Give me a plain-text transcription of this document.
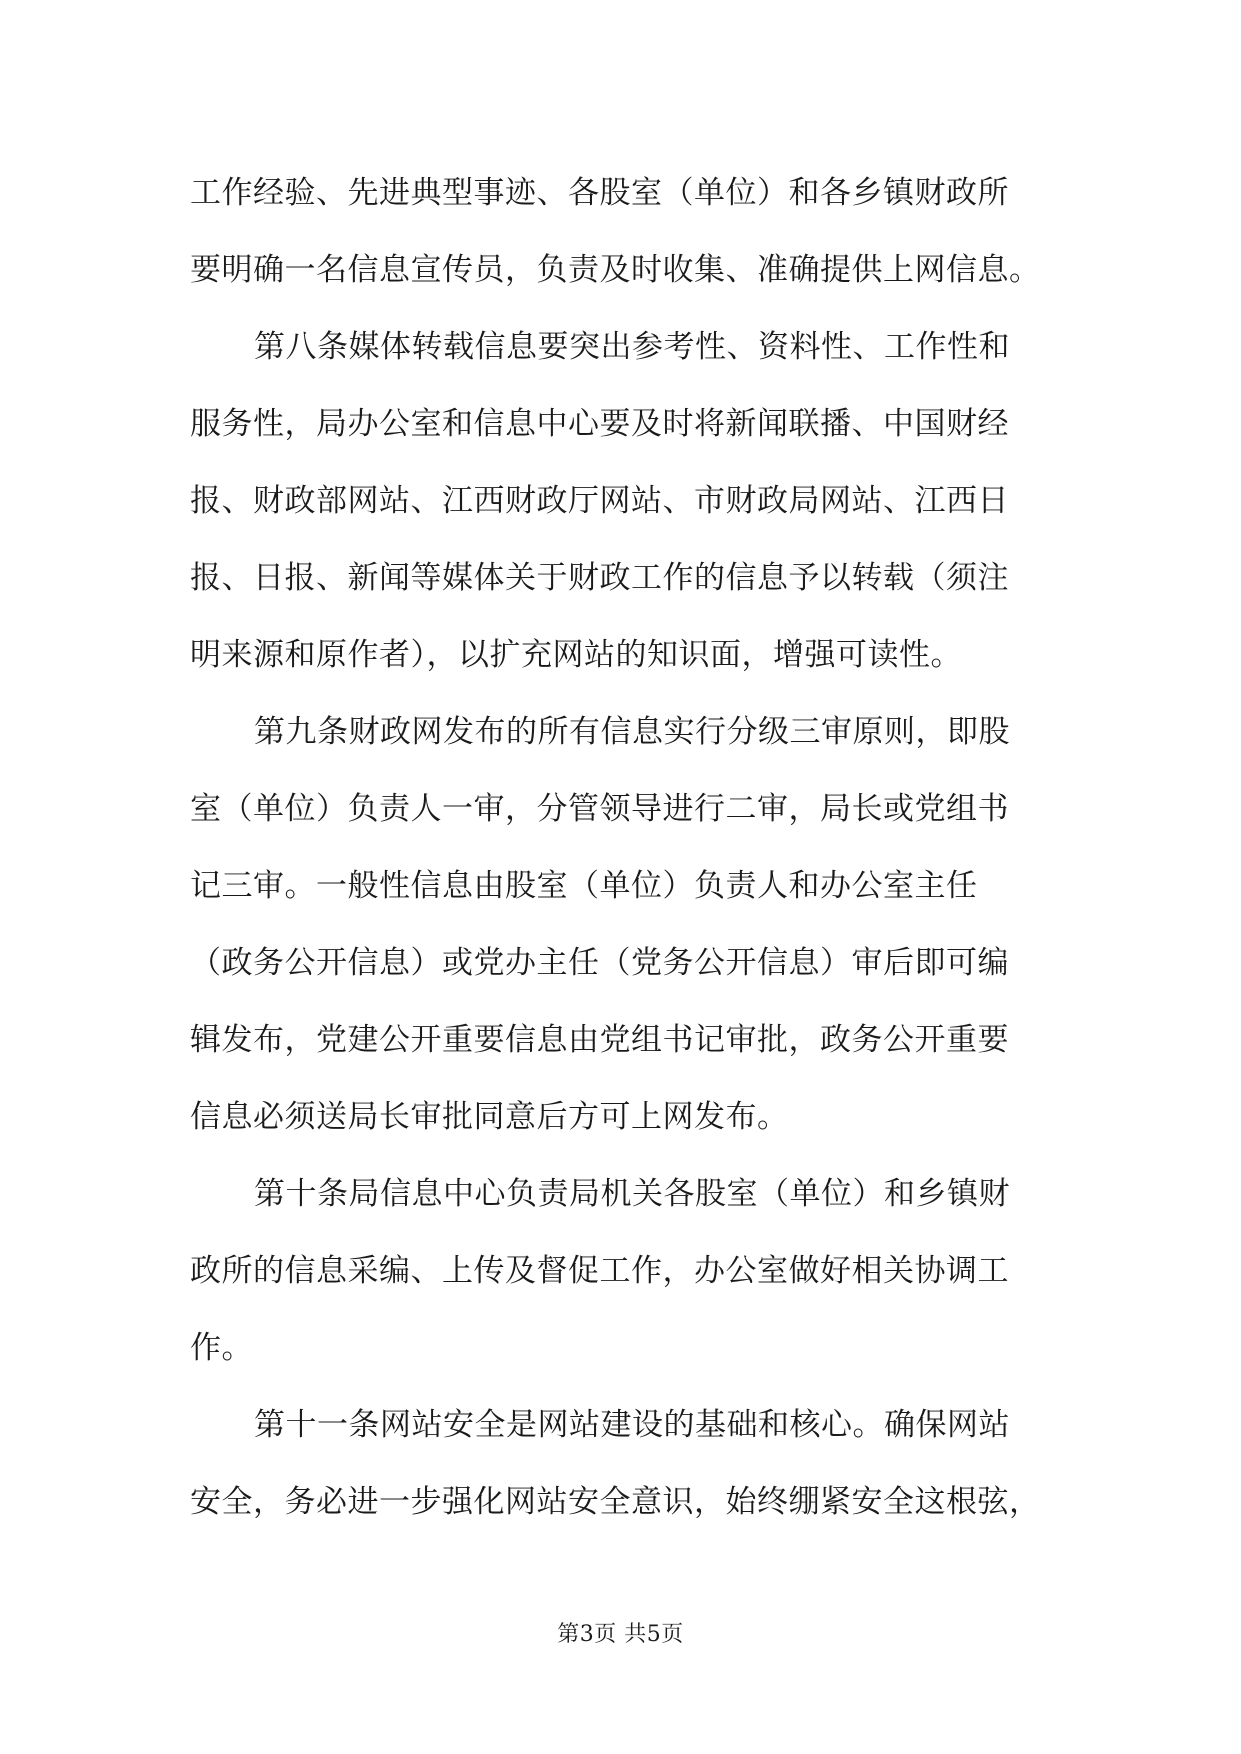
工作经验、先进典型事迹、各股室（单位）和各乡镇财政所
要明确一名信息宣传员，负责及时收集、准确提供上网信息。
第八条媒体转载信息要突出参考性、资料性、工作性和
服务性，局办公室和信息中心要及时将新闻联播、中国财经
报、财政部网站、江西财政厅网站、市财政局网站、江西日
报、日报、新闻等媒体关于财政工作的信息予以转载（须注
明来源和原作者），以扩充网站的知识面，增强可读性。
第九条财政网发布的所有信息实行分级三审原则，即股
室（单位）负责人一审，分管领导进行二审，局长或党组书
记三审。一般性信息由股室（单位）负责人和办公室主任
（政务公开信息）或党办主任（党务公开信息）审后即可编
辑发布，党建公开重要信息由党组书记审批，政务公开重要
信息必须送局长审批同意后方可上网发布。
第十条局信息中心负责局机关各股室（单位）和乡镇财
政所的信息采编、上传及督促工作，办公室做好相关协调工
作。
第十一条网站安全是网站建设的基础和核心。确保网站
安全，务必进一步强化网站安全意识，始终绷紧安全这根弦，
第3页 共5页
